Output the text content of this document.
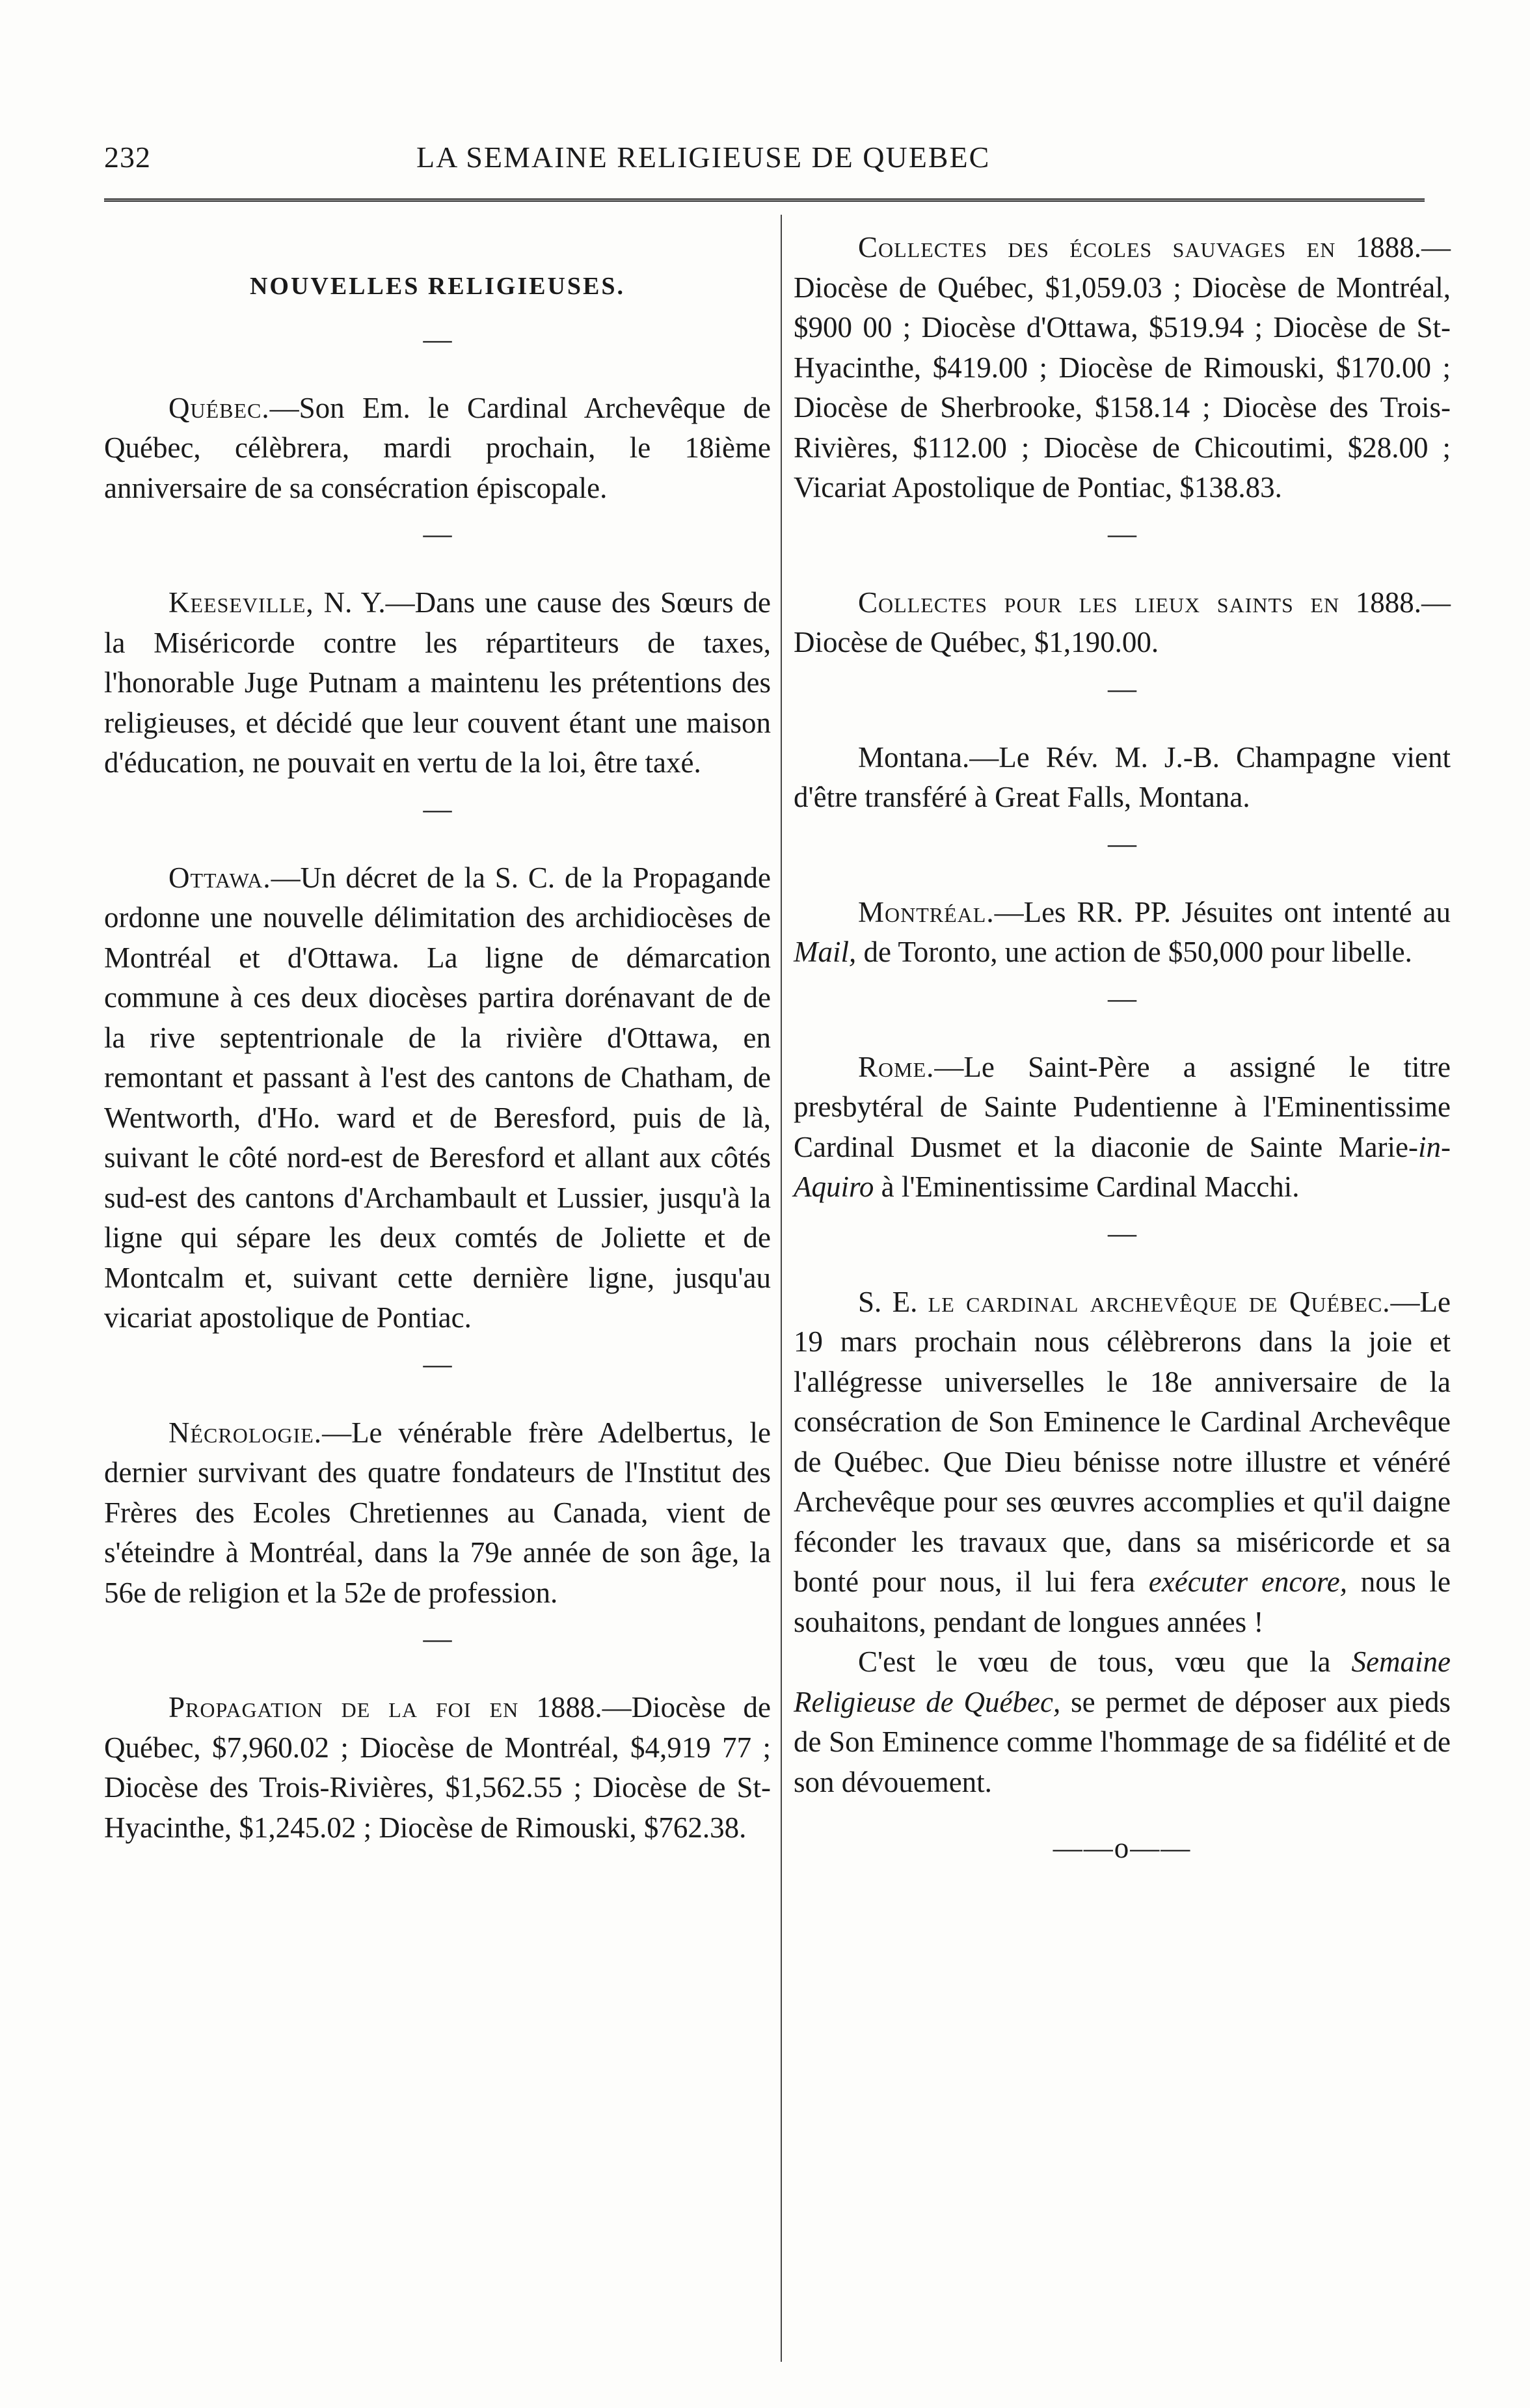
232	LA SEMAINE RELIGIEUSE DE QUEBEC
NOUVELLES RELIGIEUSES.
—

Québec.—Son Em. le Cardinal Archevêque de Québec, célèbrera, mardi prochain, le 18ième anniversaire de sa consécration épiscopale.

—

Keeseville, N. Y.—Dans une cause des Sœurs de la Miséricorde contre les répartiteurs de taxes, l'honorable Juge Putnam a maintenu les prétentions des religieuses, et décidé que leur couvent étant une maison d'éducation, ne pouvait en vertu de la loi, être taxé.

—

Ottawa.—Un décret de la S. C. de la Propagande ordonne une nouvelle délimitation des archidiocèses de Montréal et d'Ottawa. La ligne de démarcation commune à ces deux diocèses partira dorénavant de de la rive septentrionale de la rivière d'Ottawa, en remontant et passant à l'est des cantons de Chatham, de Wentworth, d'Ho. ward et de Beresford, puis de là, suivant le côté nord-est de Beresford et allant aux côtés sud-est des cantons d'Archambault et Lussier, jusqu'à la ligne qui sépare les deux comtés de Joliette et de Montcalm et, suivant cette dernière ligne, jusqu'au vicariat apostolique de Pontiac.

—

Nécrologie.—Le vénérable frère Adelbertus, le dernier survivant des quatre fondateurs de l'Institut des Frères des Ecoles Chretiennes au Canada, vient de s'éteindre à Montréal, dans la 79e année de son âge, la 56e de religion et la 52e de profession.

—

Propagation de la foi en 1888.—Diocèse de Québec, $7,960.02 ; Diocèse de Montréal, $4,919 77 ; Diocèse des Trois-Rivières, $1,562.55 ; Diocèse de St-Hyacinthe, $1,245.02 ; Diocèse de Rimouski, $762.38.

Collectes des écoles sauvages en 1888.—Diocèse de Québec, $1,059.03 ; Diocèse de Montréal, $900 00 ; Diocèse d'Ottawa, $519.94 ; Diocèse de St-Hyacinthe, $419.00 ; Diocèse de Rimouski, $170.00 ; Diocèse de Sherbrooke, $158.14 ; Diocèse des Trois-Rivières, $112.00 ; Diocèse de Chicoutimi, $28.00 ; Vicariat Apostolique de Pontiac, $138.83.

—

Collectes pour les lieux saints en 1888.—Diocèse de Québec, $1,190.00.

—

Montana.—Le Rév. M. J.-B. Champagne vient d'être transféré à Great Falls, Montana.

—

Montréal.—Les RR. PP. Jésuites ont intenté au Mail, de Toronto, une action de $50,000 pour libelle.

—

Rome.—Le Saint-Père a assigné le titre presbytéral de Sainte Pudentienne à l'Eminentissime Cardinal Dusmet et la diaconie de Sainte Marie-in-Aquiro à l'Eminentissime Cardinal Macchi.

—

S. E. le cardinal archevêque de Québec.—Le 19 mars prochain nous célèbrerons dans la joie et l'allégresse universelles le 18e anniversaire de la consécration de Son Eminence le Cardinal Archevêque de Québec. Que Dieu bénisse notre illustre et vénéré Archevêque pour ses œuvres accomplies et qu'il daigne féconder les travaux que, dans sa miséricorde et sa bonté pour nous, il lui fera exécuter encore, nous le souhaitons, pendant de longues années !

C'est le vœu de tous, vœu que la Semaine Religieuse de Québec, se permet de déposer aux pieds de Son Eminence comme l'hommage de sa fidélité et de son dévouement.

——o——
